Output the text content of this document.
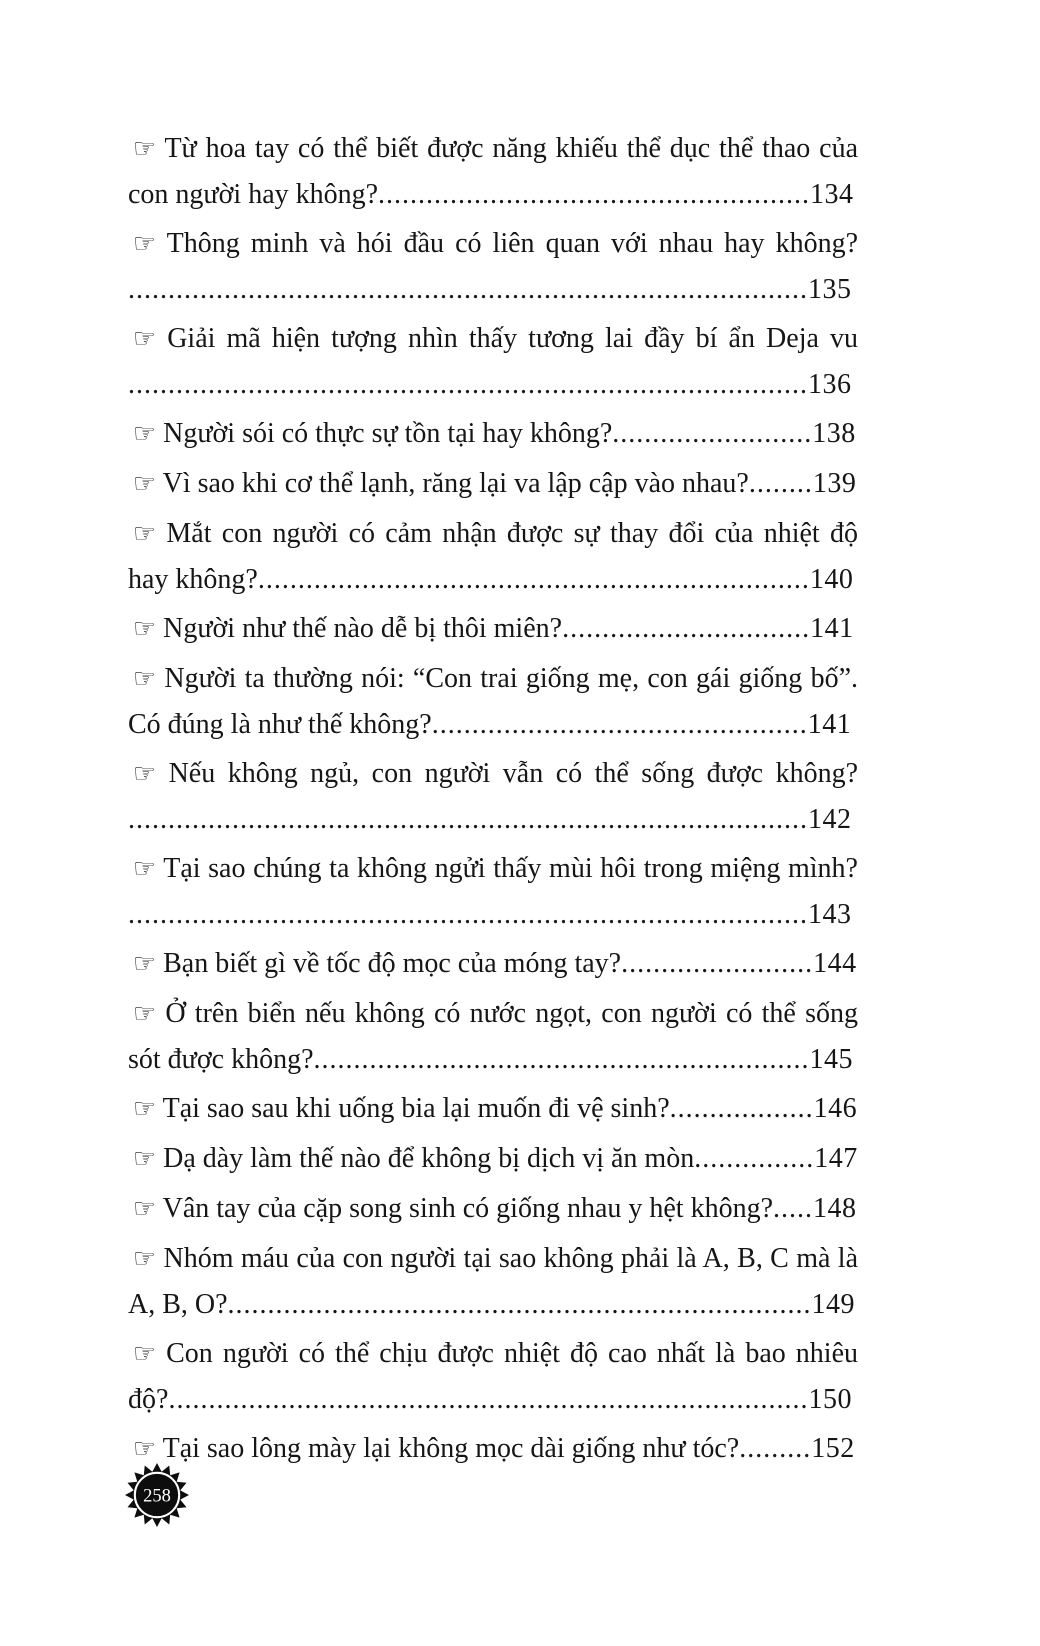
☞ Từ hoa tay có thể biết được năng khiếu thể dục thể thao của con người hay không?......................................................134

☞ Thông minh và hói đầu có liên quan với nhau hay không?.....................................................................................135

☞ Giải mã hiện tượng nhìn thấy tương lai đầy bí ẩn Deja vu.....................................................................................136

☞ Người sói có thực sự tồn tại hay không?.........................138

☞ Vì sao khi cơ thể lạnh, răng lại va lập cập vào nhau?........139

☞ Mắt con người có cảm nhận được sự thay đổi của nhiệt độ hay không?.....................................................................140

☞ Người như thế nào dễ bị thôi miên?...............................141

☞ Người ta thường nói: “Con trai giống mẹ, con gái giống bố”. Có đúng là như thế không?...............................................141

☞ Nếu không ngủ, con người vẫn có thể sống được không?.....................................................................................142

☞ Tại sao chúng ta không ngửi thấy mùi hôi trong miệng mình?.....................................................................................143

☞ Bạn biết gì về tốc độ mọc của móng tay?........................144

☞ Ở trên biển nếu không có nước ngọt, con người có thể sống sót được không?..............................................................145

☞ Tại sao sau khi uống bia lại muốn đi vệ sinh?..................146

☞ Dạ dày làm thế nào để không bị dịch vị ăn mòn...............147

☞ Vân tay của cặp song sinh có giống nhau y hệt không?.....148

☞ Nhóm máu của con người tại sao không phải là A, B, C mà là A, B, O?.........................................................................149

☞ Con người có thể chịu được nhiệt độ cao nhất là bao nhiêu độ?................................................................................150

☞ Tại sao lông mày lại không mọc dài giống như tóc?.........152

258
